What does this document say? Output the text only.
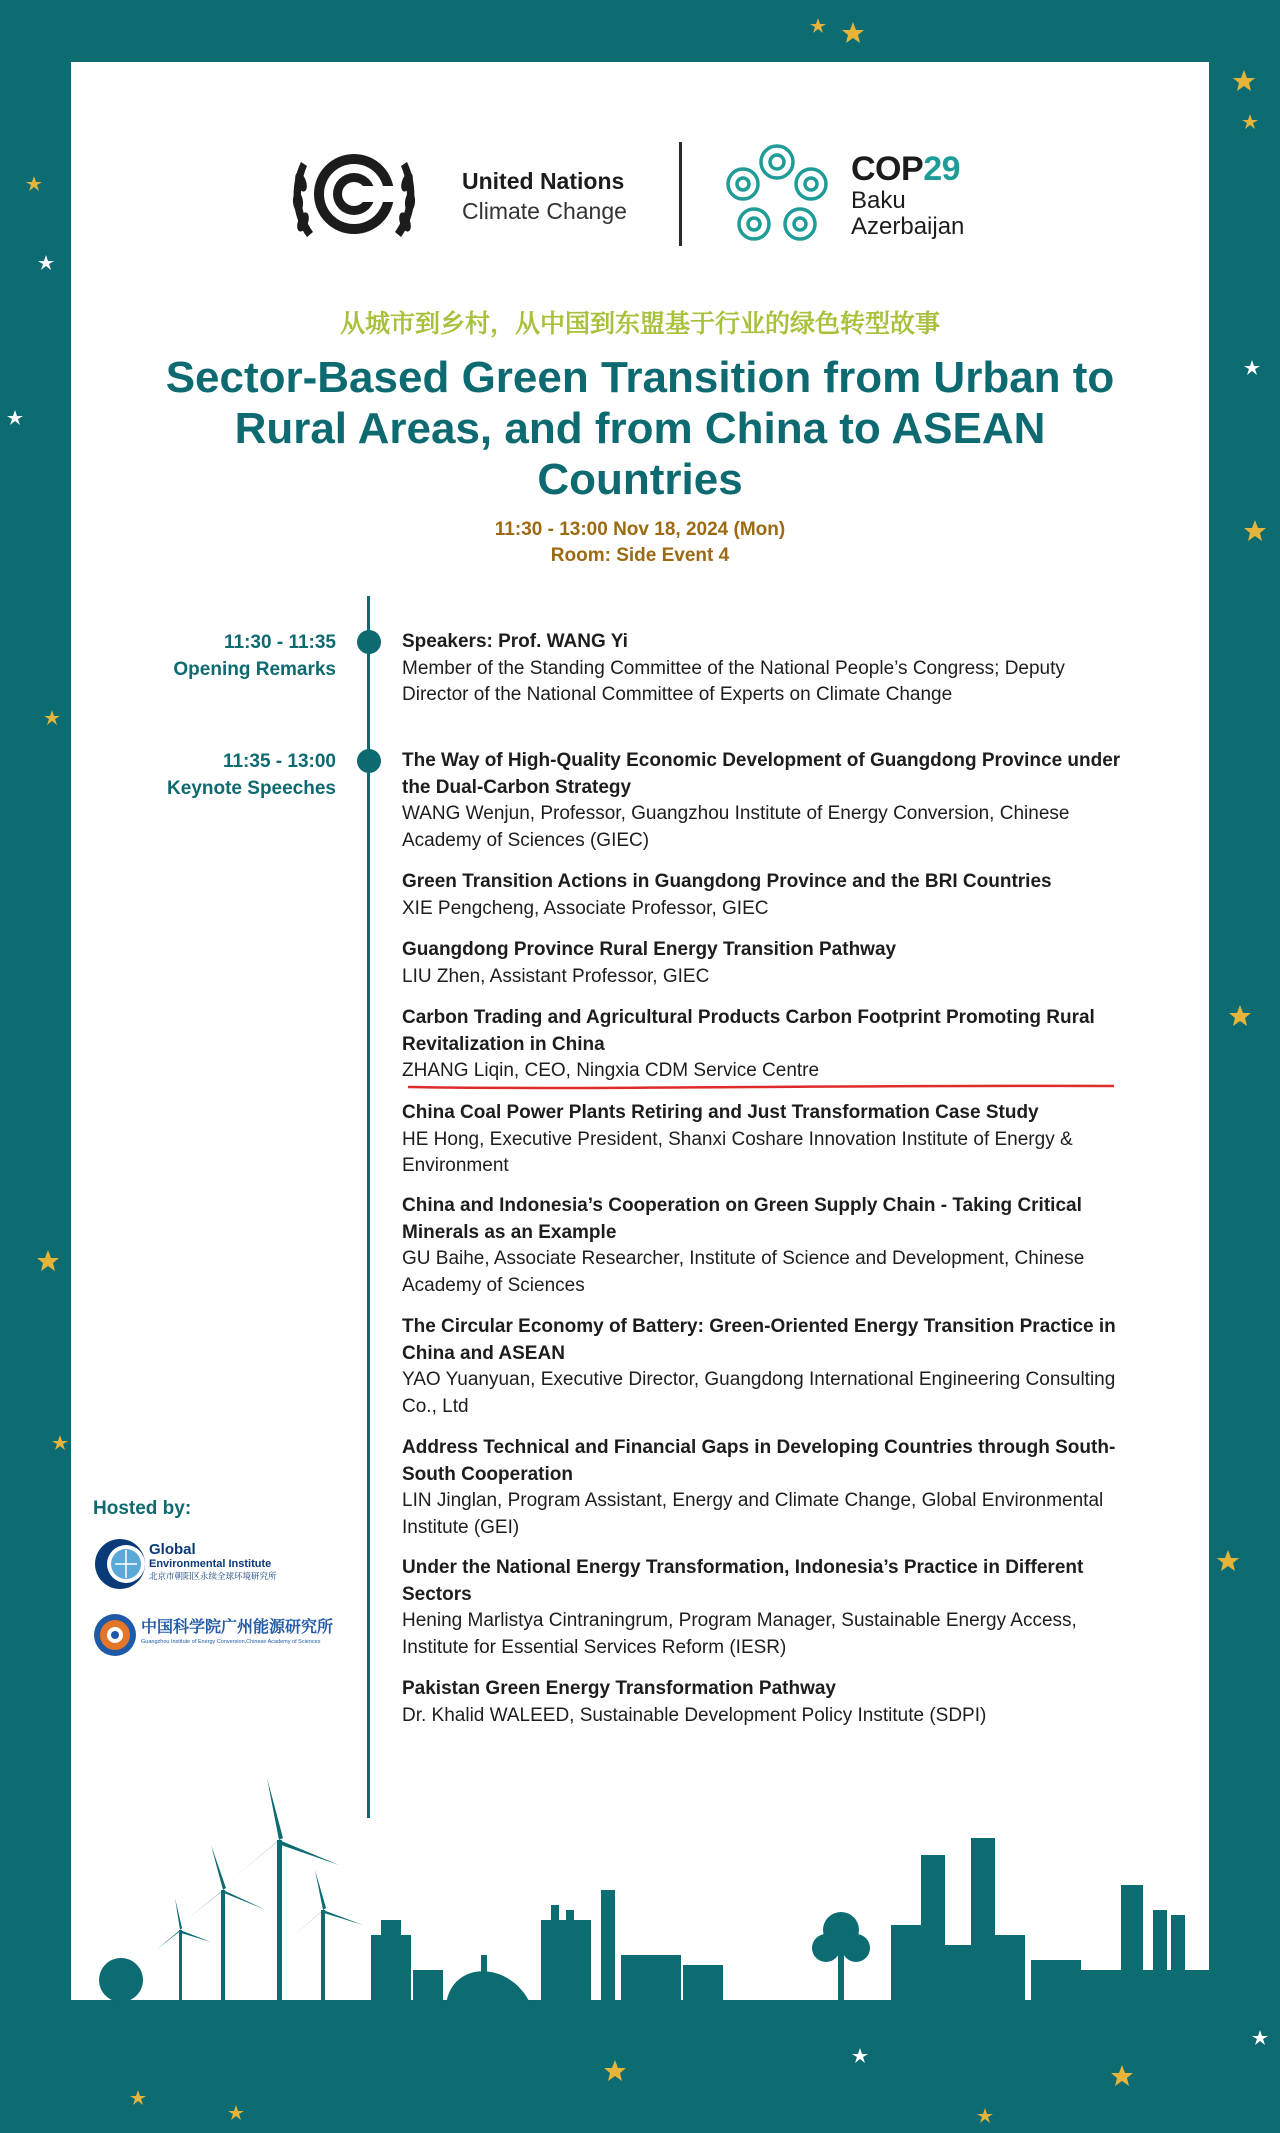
United Nations
Climate Change
COP29
Baku
Azerbaijan
从城市到乡村，从中国到东盟基于行业的绿色转型故事
Sector-Based Green Transition from Urban to Rural Areas, and from China to ASEAN Countries
11:30 - 13:00 Nov 18, 2024 (Mon)
Room: Side Event 4
11:30 - 11:35
Opening Remarks
11:35 - 13:00
Keynote Speeches
Speakers: Prof. WANG Yi
Member of the Standing Committee of the National People’s Congress; Deputy Director of the National Committee of Experts on Climate Change
The Way of High-Quality Economic Development of Guangdong Province under the Dual-Carbon Strategy
WANG Wenjun, Professor, Guangzhou Institute of Energy Conversion, Chinese Academy of Sciences (GIEC)
Green Transition Actions in Guangdong Province and the BRI Countries
XIE Pengcheng, Associate Professor, GIEC
Guangdong Province Rural Energy Transition Pathway
LIU Zhen, Assistant Professor, GIEC
Carbon Trading and Agricultural Products Carbon Footprint Promoting Rural Revitalization in China
ZHANG Liqin, CEO, Ningxia CDM Service Centre
China Coal Power Plants Retiring and Just Transformation Case Study
HE Hong, Executive President, Shanxi Coshare Innovation Institute of Energy & Environment
China and Indonesia’s Cooperation on Green Supply Chain - Taking Critical Minerals as an Example
GU Baihe, Associate Researcher, Institute of Science and Development, Chinese Academy of Sciences
The Circular Economy of Battery: Green-Oriented Energy Transition Practice in China and ASEAN
YAO Yuanyuan, Executive Director, Guangdong International Engineering Consulting Co., Ltd
Address Technical and Financial Gaps in Developing Countries through South-South Cooperation
LIN Jinglan, Program Assistant, Energy and Climate Change, Global Environmental Institute (GEI)
Under the National Energy Transformation, Indonesia’s Practice in Different Sectors
Hening Marlistya Cintraningrum, Program Manager, Sustainable Energy Access, Institute for Essential Services Reform (IESR)
Pakistan Green Energy Transformation Pathway
Dr. Khalid WALEED, Sustainable Development Policy Institute (SDPI)
Hosted by:
Global
Environmental Institute
北京市朝阳区永续全球环境研究所
中国科学院广州能源研究所
Guangzhou Institute of Energy Conversion,Chinese Academy of Sciences
